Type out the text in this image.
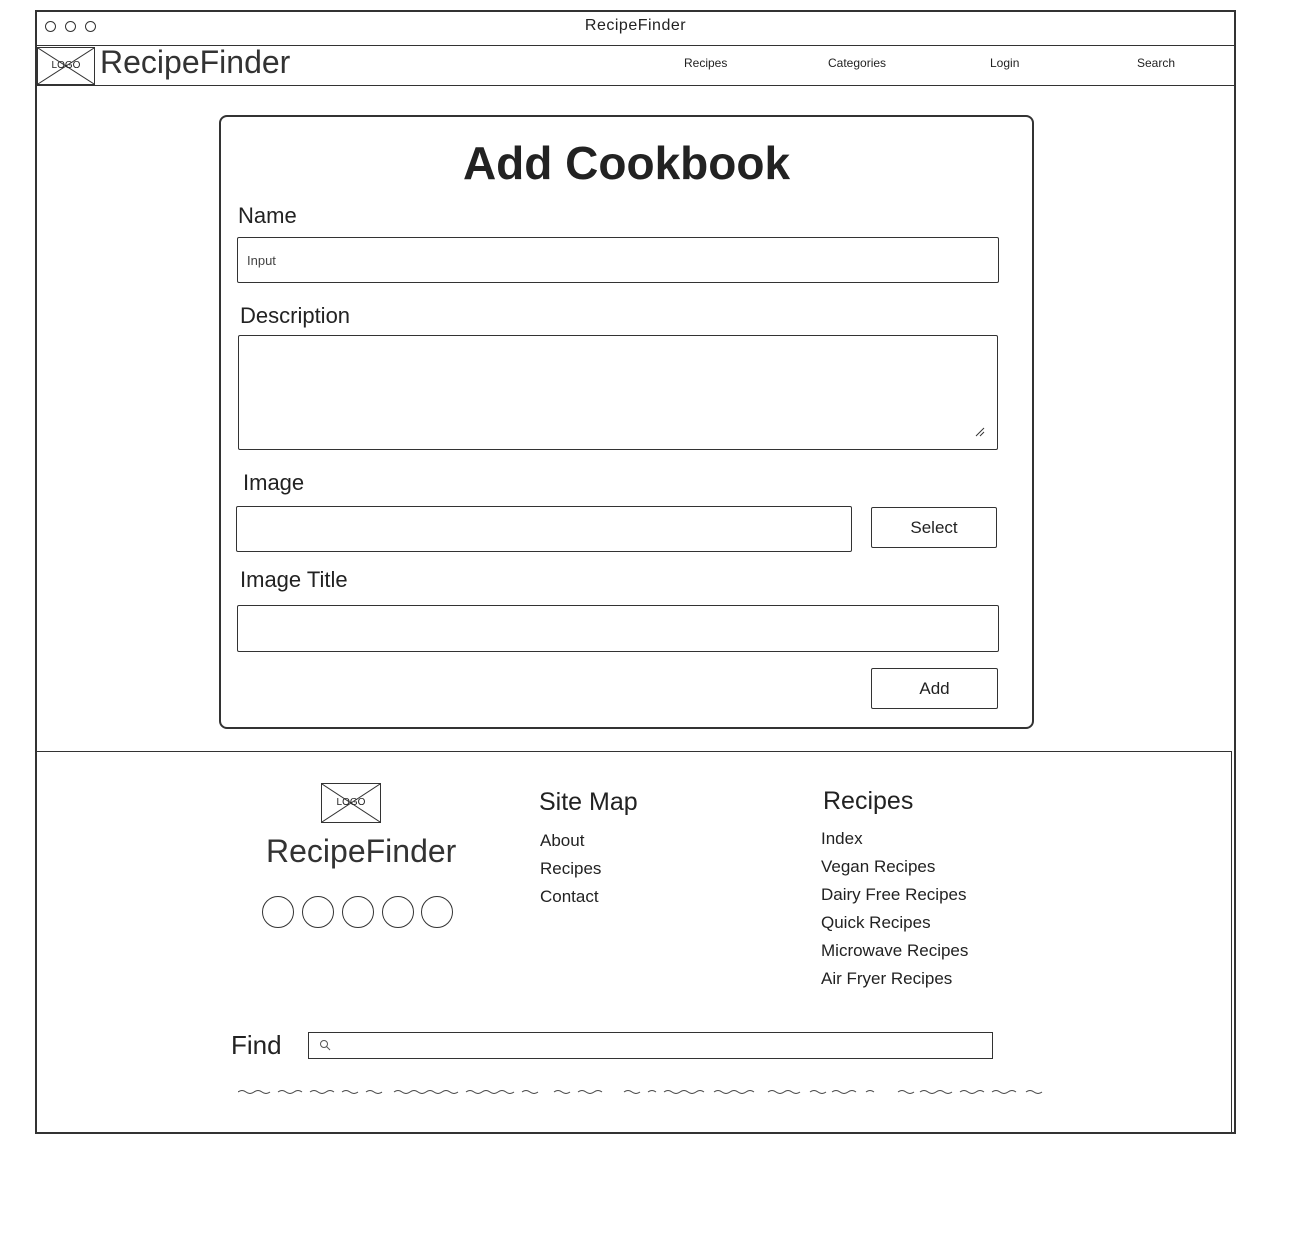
RecipeFinder
LOGO RecipeFinder	Recipes	Categories	Login	Search
Add Cookbook
Name
Input
Description
Image
Select
Image Title
Add
LOGO
RecipeFinder
Site Map
About
Recipes
Contact
Recipes
Index
Vegan Recipes
Dairy Free Recipes
Quick Recipes
Microwave Recipes
Air Fryer Recipes
Find
